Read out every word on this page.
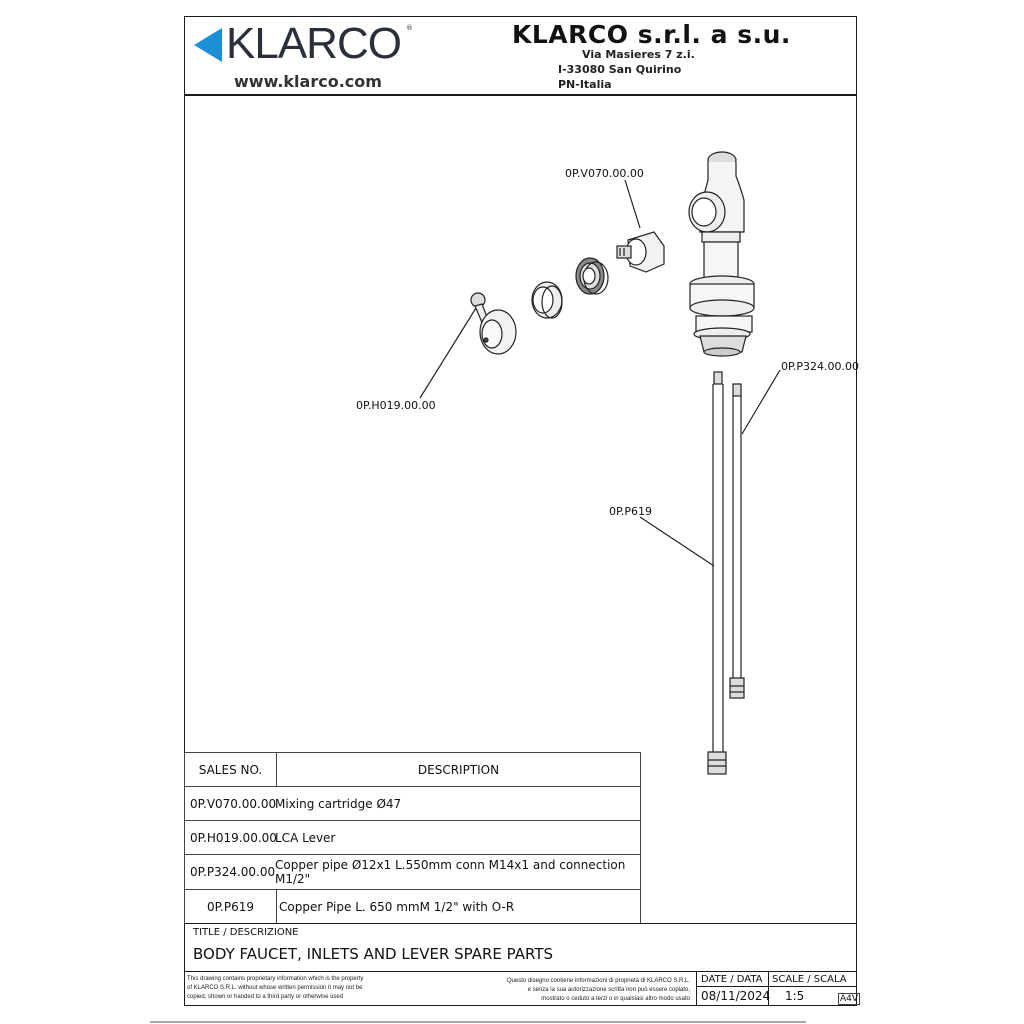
KLARCO ®
www.klarco.com
KLARCO s.r.l. a s.u.
Via Masieres 7 z.i.
I-33080 San Quirino
PN-Italia
0P.V070.00.00
0P.H019.00.00
0P.P324.00.00
0P.P619
SALES NO.	DESCRIPTION
0P.V070.00.00
Mixing cartridge Ø47
0P.H019.00.00
LCA Lever
0P.P324.00.00 Copper pipe Ø12x1 L.550mm conn M14x1 and connection M1/2"
0P.P619 Copper Pipe L. 650 mmM 1/2" with O-R
TITLE / DESCRIZIONE
BODY FAUCET, INLETS AND LEVER SPARE PARTS
This drawing contains proprietary information which is the property
of KLARCO S.R.L. without whose written permission it may not be
copied, shown or handed to a third party or otherwise used
Questo disegno contiene informazioni di proprietà di KLARCO S.R.L.
e senza la sua autorizzazione scritta non può essere copiato,
mostrato o ceduto a terzi o in qualsiasi altro modo usato
DATE / DATA
08/11/2024
SCALE / SCALA
1:5	A4V
